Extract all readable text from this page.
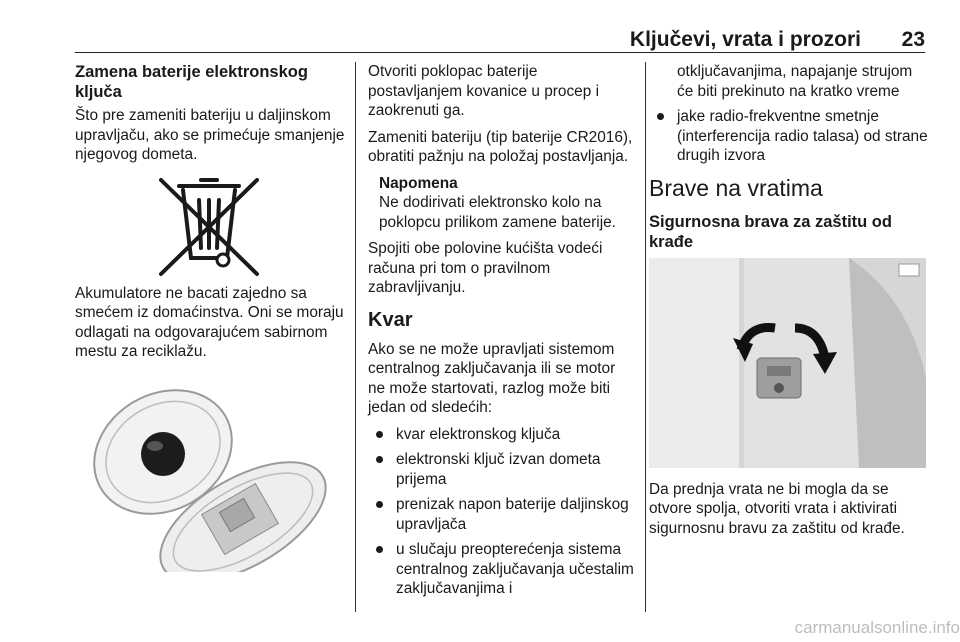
Ključevi, vrata i prozori 23
Zamena baterije elektronskog ključa

Što pre zameniti bateriju u daljinskom upravljaču, ako se primećuje smanjenje njegovog dometa.

Akumulatore ne bacati zajedno sa smećem iz domaćinstva. Oni se moraju odlagati na odgovarajućem sabirnom mestu za reciklažu.

Otvoriti poklopac baterije postavljanjem kovanice u procep i zaokrenuti ga.

Zameniti bateriju (tip baterije CR2016), obratiti pažnju na položaj postavljanja.

Napomena

Ne dodirivati elektronsko kolo na poklopcu prilikom zamene baterije.

Spojiti obe polovine kućišta vodeći računa pri tom o pravilnom zabravljivanju.

Kvar

Ako se ne može upravljati sistemom centralnog zaključavanja ili se motor ne može startovati, razlog može biti jedan od sledećih:

kvar elektronskog ključa
elektronski ključ izvan dometa prijema
prenizak napon baterije daljinskog upravljača
u slučaju preopterećenja sistema centralnog zaključavanja učestalim zaključavanjima i
otključavanjima, napajanje strujom će biti prekinuto na kratko vreme
jake radio-frekventne smetnje (interferencija radio talasa) od strane drugih izvora
Brave na vratima
Sigurnosna brava za zaštitu od krađe

Da prednja vrata ne bi mogla da se otvore spolja, otvoriti vrata i aktivirati sigurnosnu bravu za zaštitu od krađe.

carmanualsonline.info
